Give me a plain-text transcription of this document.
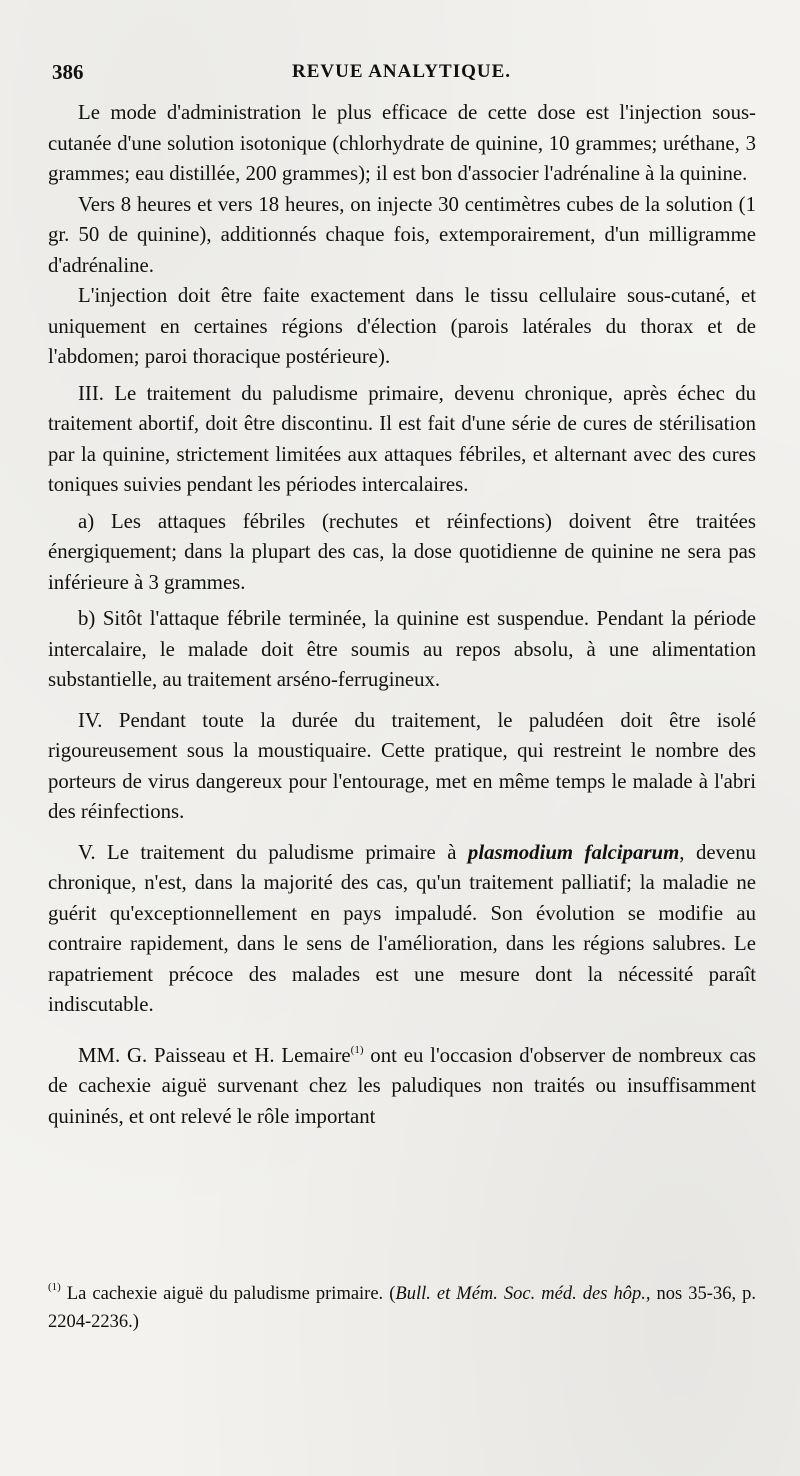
386	REVUE ANALYTIQUE.

Le mode d'administration le plus efficace de cette dose est l'injection sous-cutanée d'une solution isotonique (chlorhydrate de quinine, 10 grammes; uréthane, 3 grammes; eau distillée, 200 grammes); il est bon d'associer l'adrénaline à la quinine.

Vers 8 heures et vers 18 heures, on injecte 30 centimètres cubes de la solution (1 gr. 50 de quinine), additionnés chaque fois, extemporairement, d'un milligramme d'adrénaline.

L'injection doit être faite exactement dans le tissu cellulaire sous-cutané, et uniquement en certaines régions d'élection (parois latérales du thorax et de l'abdomen; paroi thoracique postérieure).

III. Le traitement du paludisme primaire, devenu chronique, après échec du traitement abortif, doit être discontinu. Il est fait d'une série de cures de stérilisation par la quinine, strictement limitées aux attaques fébriles, et alternant avec des cures toniques suivies pendant les périodes intercalaires.

a) Les attaques fébriles (rechutes et réinfections) doivent être traitées énergiquement; dans la plupart des cas, la dose quotidienne de quinine ne sera pas inférieure à 3 grammes.

b) Sitôt l'attaque fébrile terminée, la quinine est suspendue. Pendant la période intercalaire, le malade doit être soumis au repos absolu, à une alimentation substantielle, au traitement arséno-ferrugineux.

IV. Pendant toute la durée du traitement, le paludéen doit être isolé rigoureusement sous la moustiquaire. Cette pratique, qui restreint le nombre des porteurs de virus dangereux pour l'entourage, met en même temps le malade à l'abri des réinfections.

V. Le traitement du paludisme primaire à plasmodium falciparum, devenu chronique, n'est, dans la majorité des cas, qu'un traitement palliatif; la maladie ne guérit qu'exceptionnellement en pays impaludé. Son évolution se modifie au contraire rapidement, dans le sens de l'amélioration, dans les régions salubres. Le rapatriement précoce des malades est une mesure dont la nécessité paraît indiscutable.

MM. G. Paisseau et H. Lemaire$^{(1)}$ ont eu l'occasion d'observer de nombreux cas de cachexie aiguë survenant chez les paludiques non traités ou insuffisamment quininés, et ont relevé le rôle important

$^{(1)}$ La cachexie aiguë du paludisme primaire. (Bull. et Mém. Soc. méd. des hôp., nos 35-36, p. 2204-2236.)
